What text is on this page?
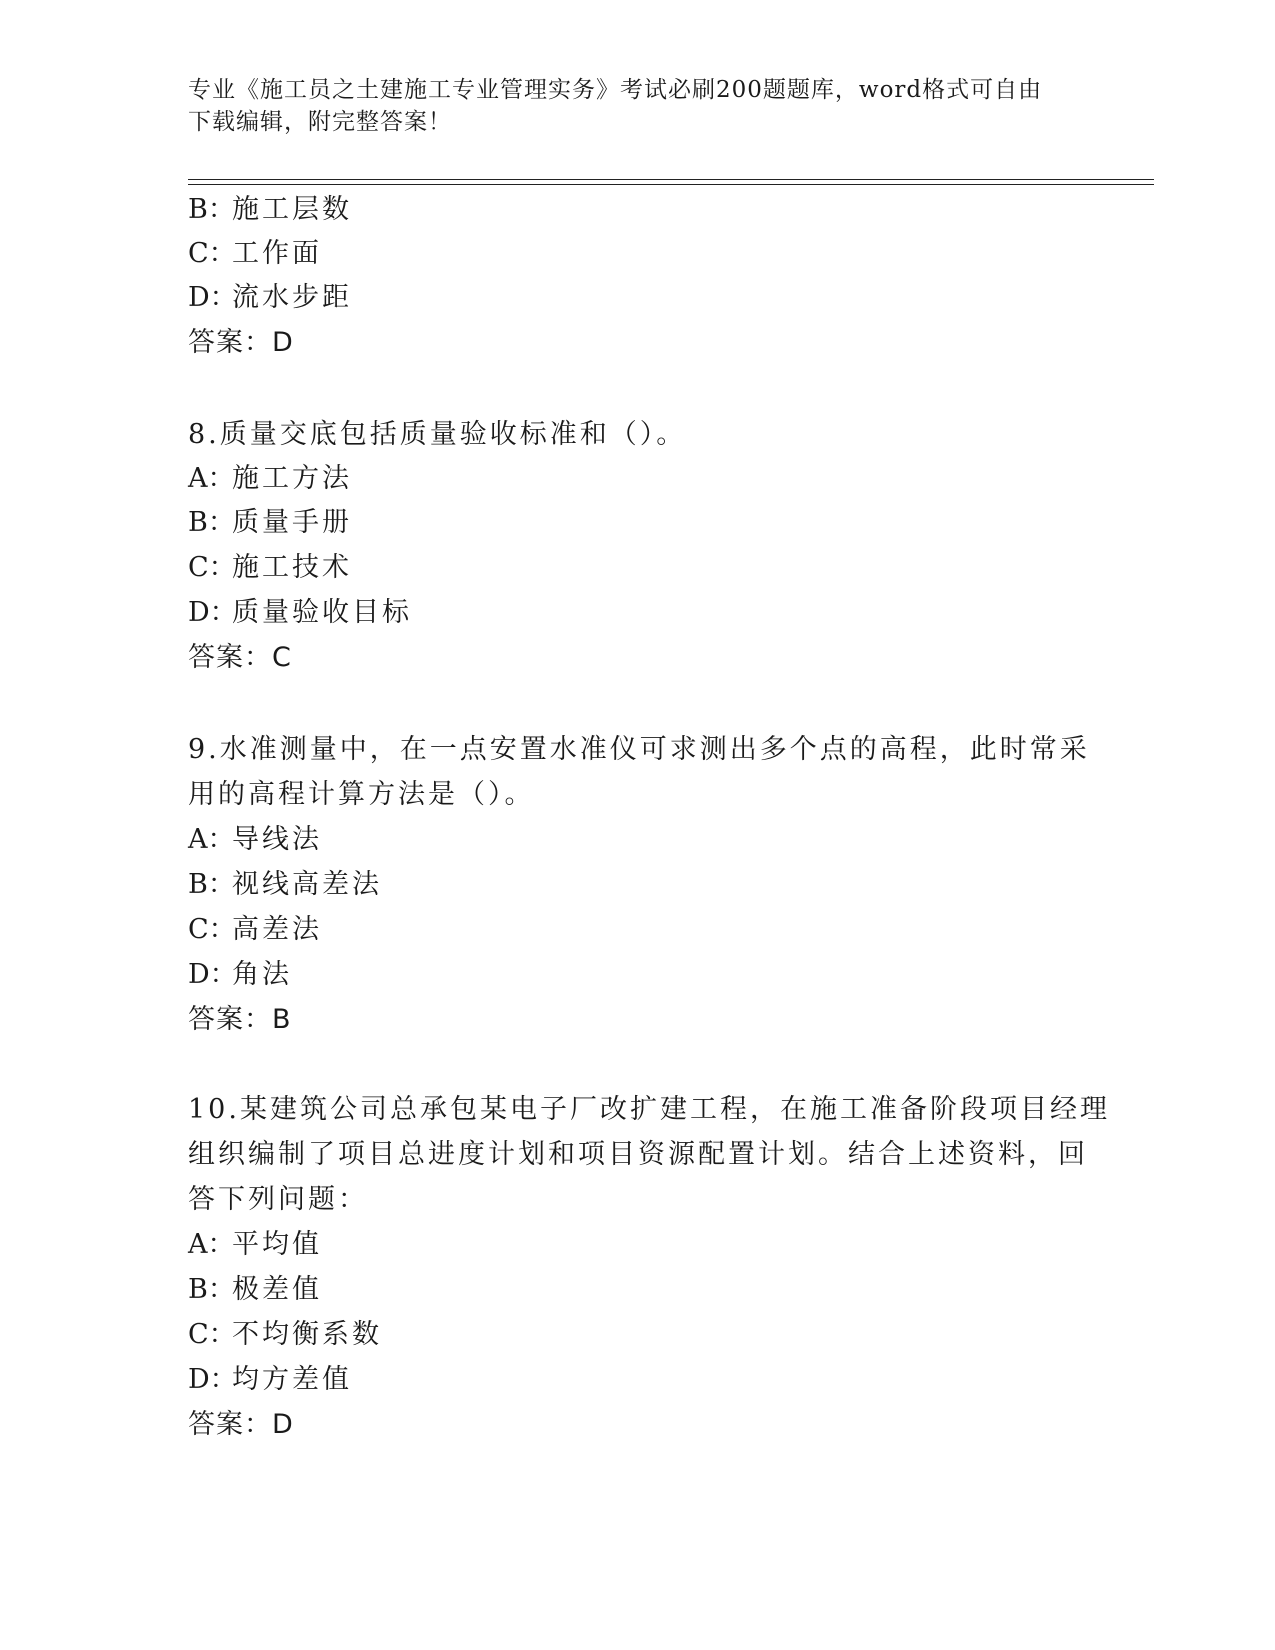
专业《施工员之土建施工专业管理实务》考试必刷200题题库，word格式可自由
下载编辑，附完整答案！
B：施工层数
C：工作面
D：流水步距
答案：D
8.质量交底包括质量验收标准和（）。
A：施工方法
B：质量手册
C：施工技术
D：质量验收目标
答案：C
9.水准测量中，在一点安置水准仪可求测出多个点的高程，此时常采
用的高程计算方法是（）。
A：导线法
B：视线高差法
C：高差法
D：角法
答案：B
10.某建筑公司总承包某电子厂改扩建工程，在施工准备阶段项目经理
组织编制了项目总进度计划和项目资源配置计划。结合上述资料，回
答下列问题：
A：平均值
B：极差值
C：不均衡系数
D：均方差值
答案：D
